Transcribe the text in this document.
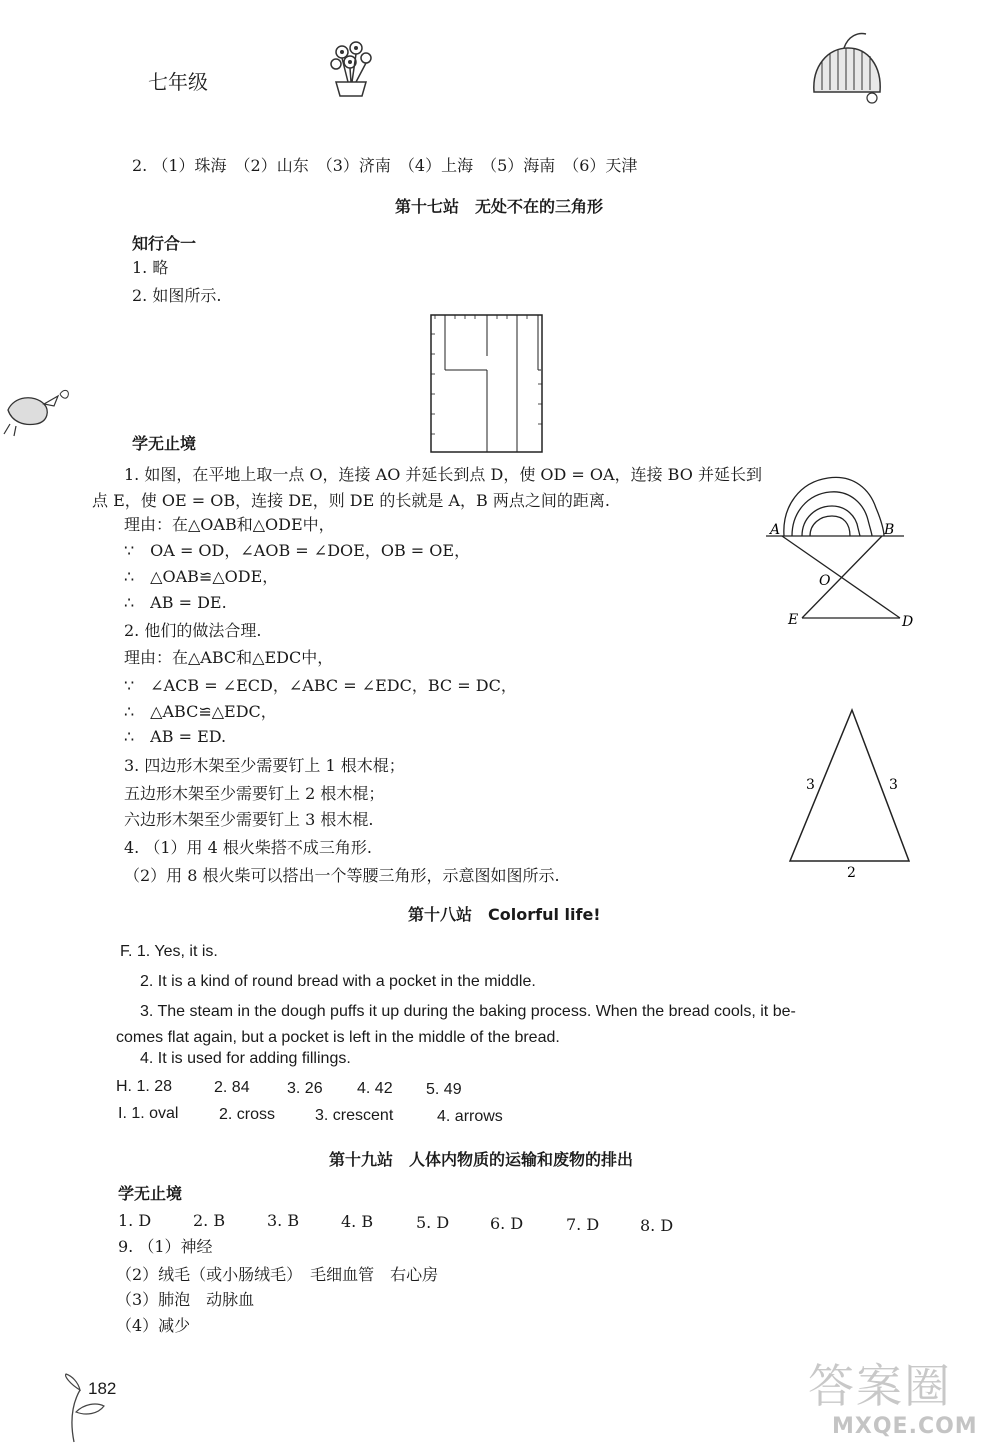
七年级
2. （1）珠海　（2）山东　（3）济南　（4）上海　（5）海南　（6）天津
第十七站　无处不在的三角形
知行合一
1. 略
2. 如图所示.
学无止境
1. 如图，在平地上取一点 O，连接 AO 并延长到点 D，使 OD = OA，连接 BO 并延长到
点 E，使 OE = OB，连接 DE，则 DE 的长就是 A，B 两点之间的距离.
理由：在△OAB和△ODE中，
∵　OA = OD，∠AOB = ∠DOE，OB = OE，
∴　△OAB≌△ODE，
∴　AB = DE.
A	B
O
E	D
2. 他们的做法合理.
理由：在△ABC和△EDC中，
∵　∠ACB = ∠ECD，∠ABC = ∠EDC，BC = DC，
∴　△ABC≌△EDC，
∴　AB = ED.
3. 四边形木架至少需要钉上 1 根木棍；
五边形木架至少需要钉上 2 根木棍；
六边形木架至少需要钉上 3 根木棍.
4. （1）用 4 根火柴搭不成三角形.
（2）用 8 根火柴可以搭出一个等腰三角形，示意图如图所示.
3	3
2
第十八站　Colorful life!
F. 1. Yes, it is.
2. It is a kind of round bread with a pocket in the middle.
3. The steam in the dough puffs it up during the baking process. When the bread cools, it be-
comes flat again, but a pocket is left in the middle of the bread.
4. It is used for adding fillings.
H. 1. 28	2. 84 3. 26 4. 42 5. 49
I. 1. oval	2. cross 3. crescent	4. arrows
第十九站　人体内物质的运输和废物的排出
学无止境
1. D	2. B	3. B	4. B	5. D	6. D	7. D	8. D
9. （1）神经
（2）绒毛（或小肠绒毛）　毛细血管　右心房
（3）肺泡　动脉血
（4）减少
182	答案圈
MXQE.COM
